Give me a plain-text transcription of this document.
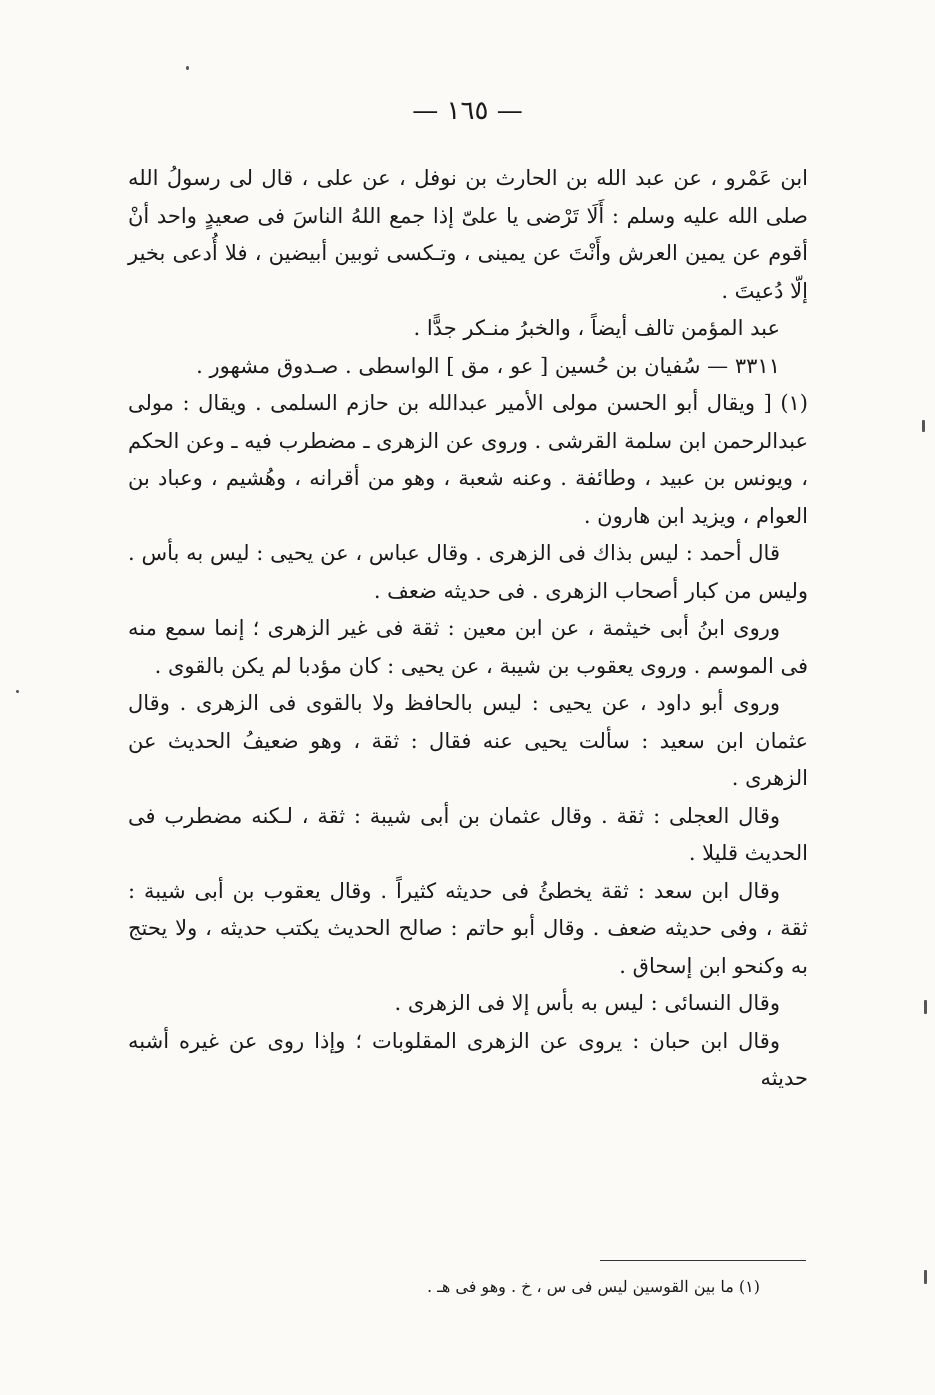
— ١٦٥ —

ابن عَمْرو ، عن عبد الله بن الحارث بن نوفل ، عن على ، قال لى رسولُ الله صلى الله عليه وسلم : أَلَا تَرْضى يا علىّ إذا جمع اللهُ الناسَ فى صعيدٍ واحد أنْ أقوم عن يمين العرش وأَنْتَ عن يمينى ، وتـكسى ثوبين أبيضين ، فلا أُدعى بخير إلّا دُعيتَ .

عبد المؤمن تالف أيضاً ، والخبرُ منـكر جدًّا .

٣٣١١ — سُفيان بن حُسين [ عو ، مق ] الواسطى . صـدوق مشهور .

(١) [ ويقال أبو الحسن مولى الأمير عبدالله بن حازم السلمى . ويقال : مولى عبدالرحمن ابن سلمة القرشى . وروى عن الزهرى ـ مضطرب فيه ـ وعن الحكم ، ويونس بن عبيد ، وطائفة . وعنه شعبة ، وهو من أقرانه ، وهُشيم ، وعباد بن العوام ، ويزيد ابن هارون .

قال أحمد : ليس بذاك فى الزهرى . وقال عباس ، عن يحيى : ليس به بأس . وليس من كبار أصحاب الزهرى . فى حديثه ضعف .

وروى ابنُ أبى خيثمة ، عن ابن معين : ثقة فى غير الزهرى ؛ إنما سمع منه فى الموسم . وروى يعقوب بن شيبة ، عن يحيى : كان مؤدبا لم يكن بالقوى .

وروى أبو داود ، عن يحيى : ليس بالحافظ ولا بالقوى فى الزهرى . وقال عثمان ابن سعيد : سألت يحيى عنه فقال : ثقة ، وهو ضعيفُ الحديث عن الزهرى .

وقال العجلى : ثقة . وقال عثمان بن أبى شيبة : ثقة ، لـكنه مضطرب فى الحديث قليلا .

وقال ابن سعد : ثقة يخطئُ فى حديثه كثيراً . وقال يعقوب بن أبى شيبة : ثقة ، وفى حديثه ضعف . وقال أبو حاتم : صالح الحديث يكتب حديثه ، ولا يحتج به وكنحو ابن إسحاق .

وقال النسائى : ليس به بأس إلا فى الزهرى .

وقال ابن حبان : يروى عن الزهرى المقلوبات ؛ وإذا روى عن غيره أشبه حديثه

(١) ما بين القوسين ليس فى س ، خ . وهو فى هـ .
